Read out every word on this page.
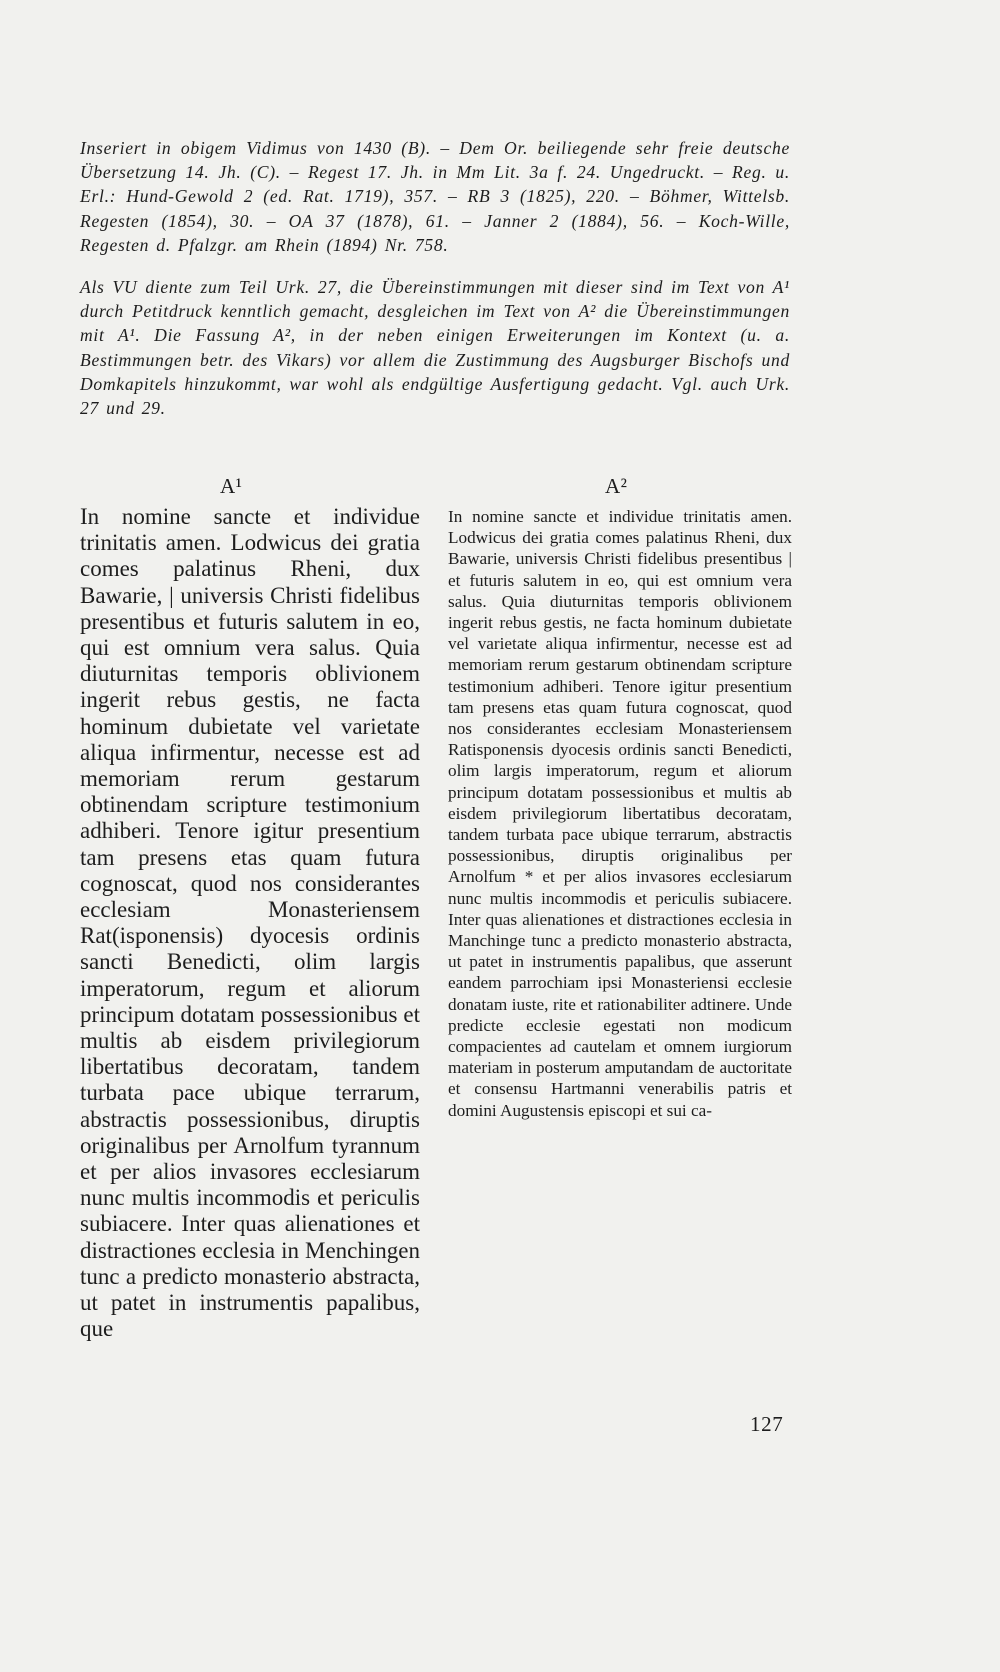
Inseriert in obigem Vidimus von 1430 (B). – Dem Or. beiliegende sehr freie deutsche Übersetzung 14. Jh. (C). – Regest 17. Jh. in Mm Lit. 3a f. 24. Ungedruckt. – Reg. u. Erl.: Hund-Gewold 2 (ed. Rat. 1719), 357. – RB 3 (1825), 220. – Böhmer, Wittelsb. Regesten (1854), 30. – OA 37 (1878), 61. – Janner 2 (1884), 56. – Koch-Wille, Regesten d. Pfalzgr. am Rhein (1894) Nr. 758.

Als VU diente zum Teil Urk. 27, die Übereinstimmungen mit dieser sind im Text von A¹ durch Petitdruck kenntlich gemacht, desgleichen im Text von A² die Übereinstimmungen mit A¹. Die Fassung A², in der neben einigen Erweiterungen im Kontext (u. a. Bestimmungen betr. des Vikars) vor allem die Zustimmung des Augsburger Bischofs und Domkapitels hinzukommt, war wohl als endgültige Ausfertigung gedacht. Vgl. auch Urk. 27 und 29.

A¹	A²

In nomine sancte et individue trinitatis amen. Lodwicus dei gratia comes palatinus Rheni, dux Bawarie, | universis Christi fidelibus presentibus et futuris salutem in eo, qui est omnium vera salus. Quia diuturnitas temporis oblivionem ingerit rebus gestis, ne facta hominum dubietate vel varietate aliqua infirmentur, necesse est ad memoriam rerum gestarum obtinendam scripture testimonium adhiberi. Tenore igitur presentium tam presens etas quam futura cognoscat, quod nos considerantes ecclesiam Monasteriensem Rat(isponensis) dyocesis ordinis sancti Benedicti, olim largis imperatorum, regum et aliorum principum dotatam possessionibus et multis ab eisdem privilegiorum libertatibus decoratam, tandem turbata pace ubique terrarum, abstractis possessionibus, diruptis originalibus per Arnolfum tyrannum et per alios invasores ecclesiarum nunc multis incommodis et periculis subiacere. Inter quas alienationes et distractiones ecclesia in Menchingen tunc a predicto monasterio abstracta, ut patet in instrumentis papalibus, que

In nomine sancte et individue trinitatis amen. Lodwicus dei gratia comes palatinus Rheni, dux Bawarie, universis Christi fidelibus presentibus | et futuris salutem in eo, qui est omnium vera salus. Quia diuturnitas temporis oblivionem ingerit rebus gestis, ne facta hominum dubietate vel varietate aliqua infirmentur, necesse est ad memoriam rerum gestarum obtinendam scripture testimonium adhiberi. Tenore igitur presentium tam presens etas quam futura cognoscat, quod nos considerantes ecclesiam Monasteriensem Ratisponensis dyocesis ordinis sancti Benedicti, olim largis imperatorum, regum et aliorum principum dotatam possessionibus et multis ab eisdem privilegiorum libertatibus decoratam, tandem turbata pace ubique terrarum, abstractis possessionibus, diruptis originalibus per Arnolfum * et per alios invasores ecclesiarum nunc multis incommodis et periculis subiacere. Inter quas alienationes et distractiones ecclesia in Manchinge tunc a predicto monasterio abstracta, ut patet in instrumentis papalibus, que asserunt eandem parrochiam ipsi Monasteriensi ecclesie donatam iuste, rite et rationabiliter adtinere. Unde predicte ecclesie egestati non modicum compacientes ad cautelam et omnem iurgiorum materiam in posterum amputandam de auctoritate et consensu Hartmanni venerabilis patris et domini Augustensis episcopi et sui ca-

127
